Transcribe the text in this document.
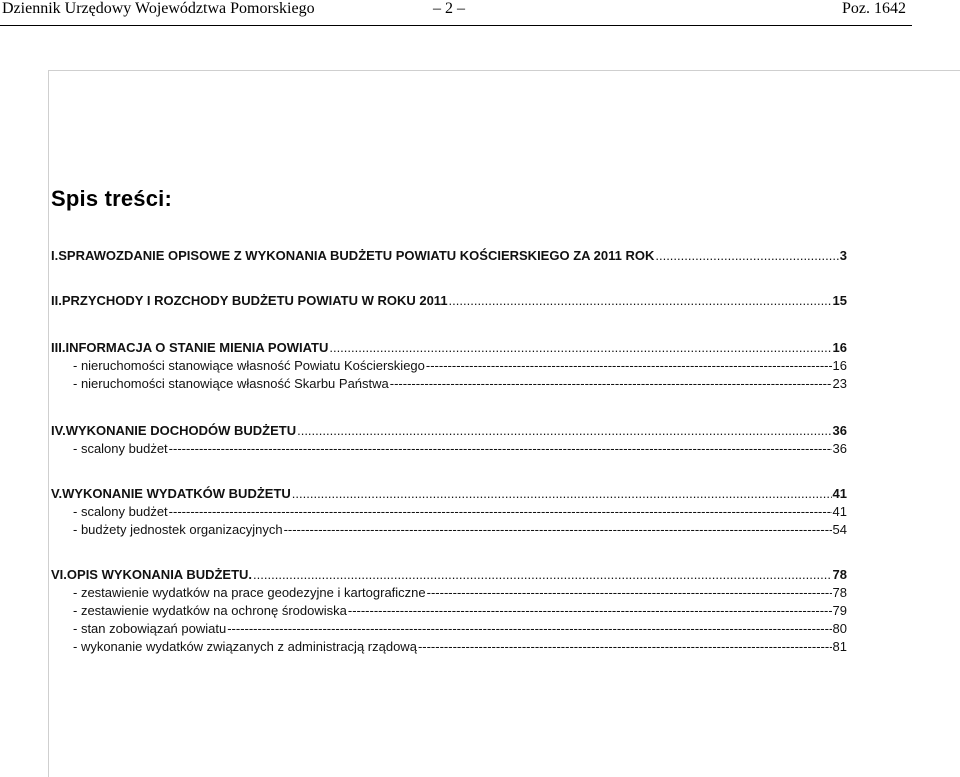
Dziennik Urzędowy Województwa Pomorskiego	– 2 –	Poz. 1642
Spis treści:
I. SPRAWOZDANIE OPISOWE Z WYKONANIA BUDŻETU POWIATU KOŚCIERSKIEGO ZA 2011 ROK .....	3
II. PRZYCHODY I ROZCHODY BUDŻETU POWIATU W ROKU 2011 .....	15
III. INFORMACJA O STANIE MIENIA POWIATU .....	16
- nieruchomości stanowiące własność Powiatu Kościerskiego -----	16
- nieruchomości stanowiące własność Skarbu Państwa -----	23
IV. WYKONANIE DOCHODÓW BUDŻETU .....	36
- scalony budżet -----	36
V. WYKONANIE WYDATKÓW BUDŻETU .....	41
- scalony budżet -----	41
- budżety jednostek organizacyjnych -----	54
VI. OPIS WYKONANIA BUDŻETU. .....	78
- zestawienie wydatków na prace geodezyjne i kartograficzne -----	78
- zestawienie wydatków na ochronę środowiska -----	79
- stan zobowiązań powiatu -----	80
- wykonanie wydatków związanych z administracją rządową -----	81
